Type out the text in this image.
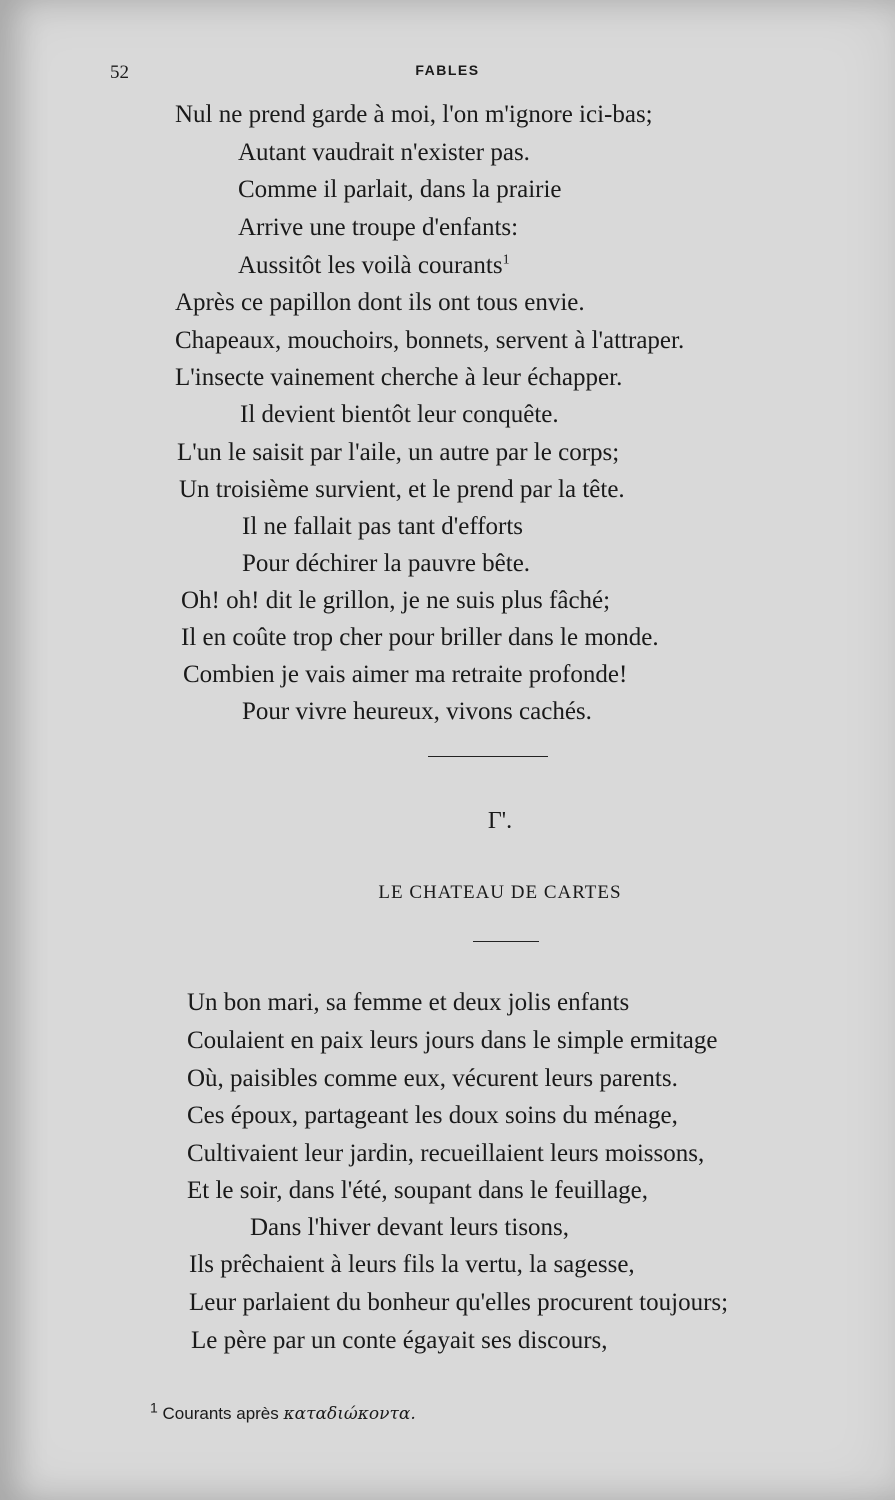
52	FABLES
Nul ne prend garde à moi, l'on m'ignore ici-bas;
Autant vaudrait n'exister pas.
Comme il parlait, dans la prairie
Arrive une troupe d'enfants:
Aussitôt les voilà courants$^1$
Après ce papillon dont ils ont tous envie.
Chapeaux, mouchoirs, bonnets, servent à l'attraper.
L'insecte vainement cherche à leur échapper.
Il devient bientôt leur conquête.
L'un le saisit par l'aile, un autre par le corps;
Un troisième survient, et le prend par la tête.
Il ne fallait pas tant d'efforts
Pour déchirer la pauvre bête.
Oh! oh! dit le grillon, je ne suis plus fâché;
Il en coûte trop cher pour briller dans le monde.
Combien je vais aimer ma retraite profonde!
Pour vivre heureux, vivons cachés.
Γ'.
LE CHATEAU DE CARTES
Un bon mari, sa femme et deux jolis enfants
Coulaient en paix leurs jours dans le simple ermitage
Où, paisibles comme eux, vécurent leurs parents.
Ces époux, partageant les doux soins du ménage,
Cultivaient leur jardin, recueillaient leurs moissons,
Et le soir, dans l'été, soupant dans le feuillage,
Dans l'hiver devant leurs tisons,
Ils prêchaient à leurs fils la vertu, la sagesse,
Leur parlaient du bonheur qu'elles procurent toujours;
Le père par un conte égayait ses discours,
$^1$ Courants après καταδιώκοντα.
